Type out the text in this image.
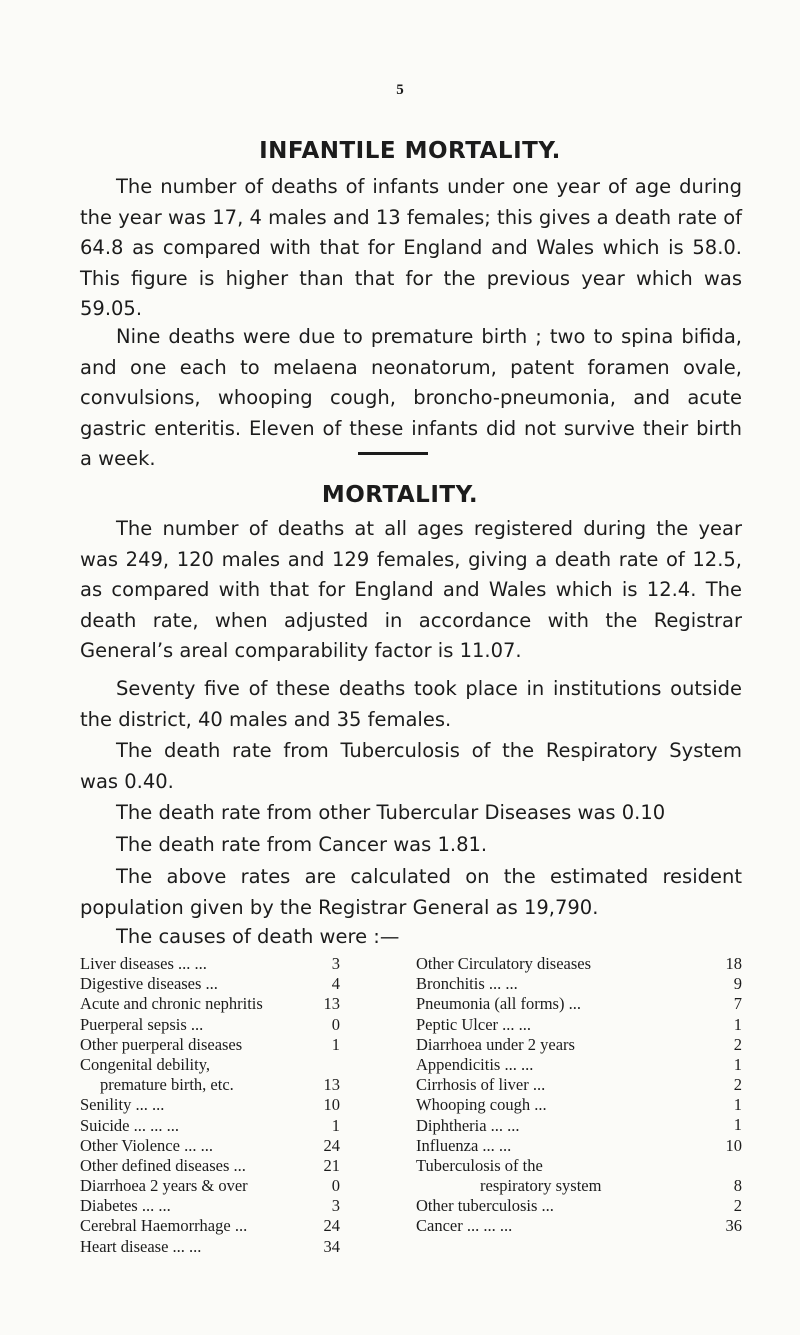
5
INFANTILE MORTALITY.

The number of deaths of infants under one year of age during the year was 17, 4 males and 13 females; this gives a death rate of 64.8 as compared with that for England and Wales which is 58.0. This figure is higher than that for the previous year which was 59.05.

Nine deaths were due to premature birth ; two to spina bifida, and one each to melaena neonatorum, patent foramen ovale, convulsions, whooping cough, broncho-pneumonia, and acute gastric enteritis. Eleven of these infants did not survive their birth a week.

MORTALITY.

The number of deaths at all ages registered during the year was 249, 120 males and 129 females, giving a death rate of 12.5, as compared with that for England and Wales which is 12.4. The death rate, when adjusted in accordance with the Registrar General’s areal comparability factor is 11.07.

Seventy five of these deaths took place in institutions outside the district, 40 males and 35 females.

The death rate from Tuberculosis of the Respiratory System was 0.40.

The death rate from other Tubercular Diseases was 0.10

The death rate from Cancer was 1.81.

The above rates are calculated on the estimated resident population given by the Registrar General as 19,790.

The causes of death were :—

Liver diseases ... ...	3
Digestive diseases ...	4
Acute and chronic nephritis	13
Puerperal sepsis ...	0
Other puerperal diseases	1
Congenital debility,
premature birth, etc.	13
Senility ... ...	10
Suicide ... ... ...	1
Other Violence ... ...	24
Other defined diseases ...	21
Diarrhoea 2 years & over	0
Diabetes ... ...	3
Cerebral Haemorrhage ...	24
Heart disease ... ...	34
Other Circulatory diseases	18
Bronchitis ... ...	9
Pneumonia (all forms) ...	7
Peptic Ulcer ... ...	1
Diarrhoea under 2 years	2
Appendicitis ... ...	1
Cirrhosis of liver ...	2
Whooping cough ...	1
Diphtheria ... ...	1
Influenza ... ...	10
Tuberculosis of the
respiratory system	8
Other tuberculosis ...	2
Cancer ... ... ...	36
